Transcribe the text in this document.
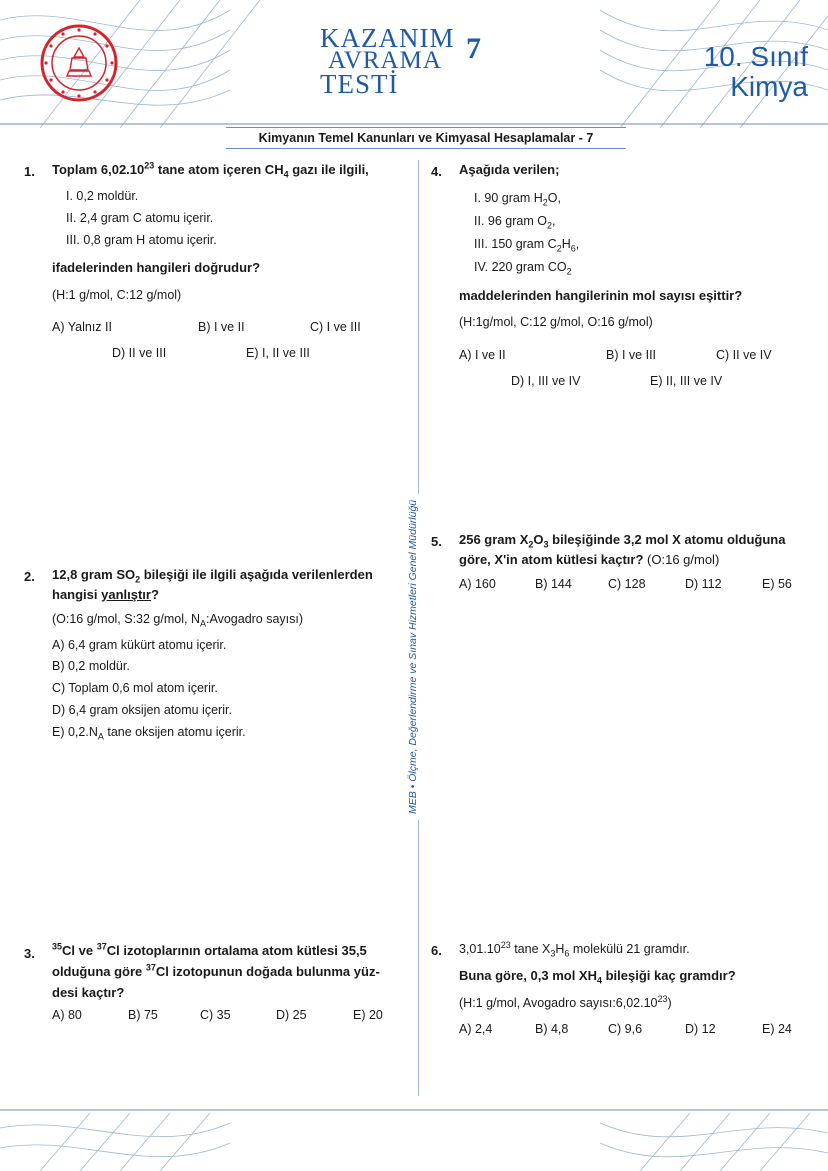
KAZANIM
AVRAMA
TESTİ
7	10. Sınıf
Kimya
Kimyanın Temel Kanunları ve Kimyasal Hesaplamalar - 7
MEB • Ölçme, Değerlendirme ve Sınav Hizmetleri Genel Müdürlüğü
1. Toplam 6,02.10$^{23}$ tane atom içeren $CH_4$ gazı ile ilgili,
I. 0,2 moldür.
II. 2,4 gram C atomu içerir.
III. 0,8 gram H atomu içerir.
ifadelerinden hangileri doğrudur?
(H:1 g/mol, C:12 g/mol)
A) Yalnız II	B) I ve II	C) I ve III
D) II ve III	E) I, II ve III
2. 12,8 gram $SO_2$ bileşiği ile ilgili aşağıda verilenlerden
hangisi yanlıştır?
(O:16 g/mol, S:32 g/mol, $N_A:Avogadro$ sayısı)
A) 6,4 gram kükürt atomu içerir.
B) 0,2 moldür.
C) Toplam 0,6 mol atom içerir.
D) 6,4 gram oksijen atomu içerir.
E) $0,2.N_A$ tane oksijen atomu içerir.
3. $^{35}$Cl ve $^{37}$Cl izotoplarının ortalama atom kütlesi 35,5
olduğuna göre $^{37}$Cl izotopunun doğada bulunma yüz-
desi kaçtır?
A) 80	B) 75	C) 35	D) 25	E) 20
4. Aşağıda verilen;
I. 90 gram $H_2O$,
II. 96 gram $O_2$,
III. 150 gram $C_2H_6$,
IV. 220 gram $CO_2$
maddelerinden hangilerinin mol sayısı eşittir?
(H:1g/mol, C:12 g/mol, O:16 g/mol)
A) I ve II	B) I ve III	C) II ve IV
D) I, III ve IV	E) II, III ve IV
5. 256 gram $X_2O_3$ bileşiğinde 3,2 mol X atomu olduğuna
göre, X'in atom kütlesi kaçtır? (O:16 g/mol)
A) 160	B) 144	C) 128	D) 112	E) 56
6. 3,01.10$^{23}$ tane $X_3H_6$ molekülü 21 gramdır.
Buna göre, 0,3 mol $XH_4$ bileşiği kaç gramdır?
(H:1 g/mol, Avogadro sayısı:6,02.10$^{23}$)
A) 2,4	B) 4,8	C) 9,6	D) 12	E) 24
